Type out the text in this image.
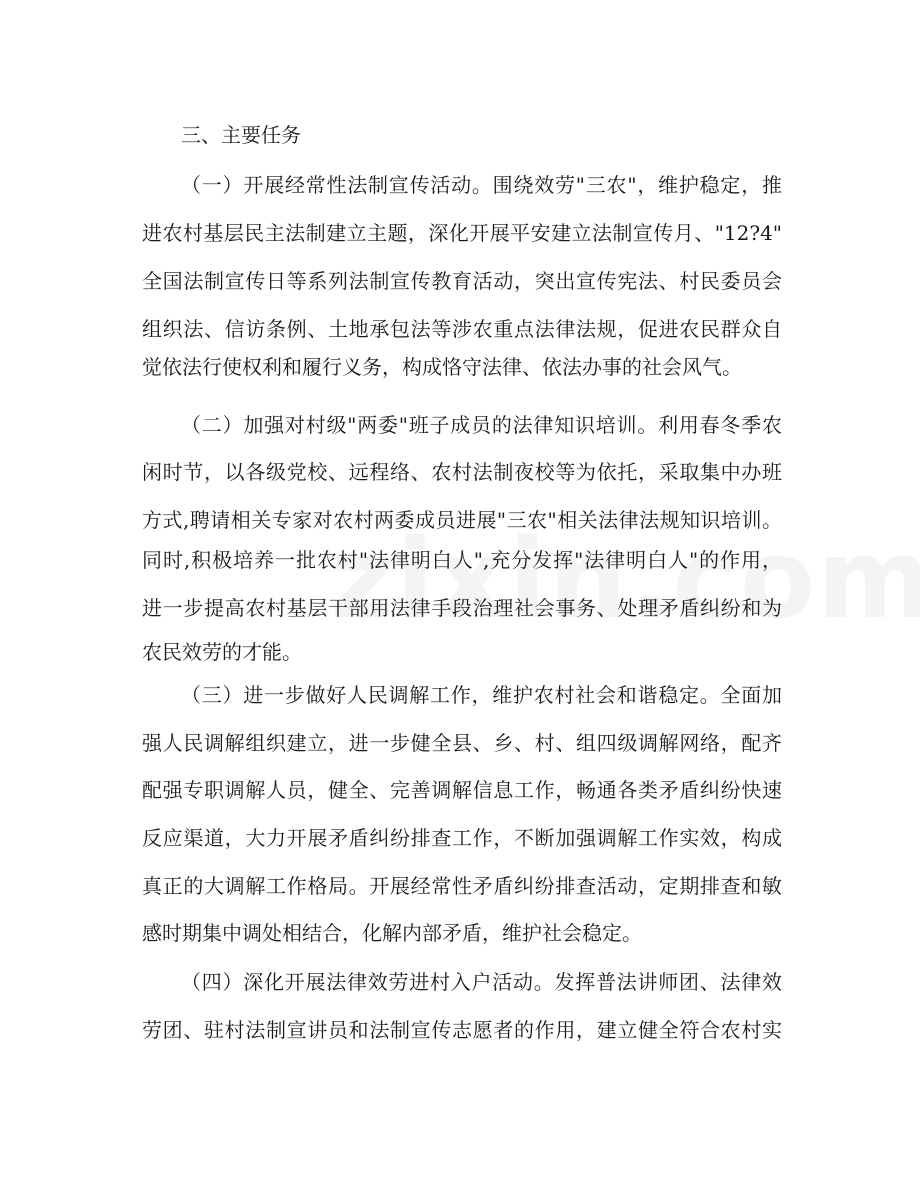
三、主要任务
（一）开展经常性法制宣传活动。围绕效劳"三农"，维护稳定，推
进农村基层民主法制建立主题，深化开展平安建立法制宣传月、"12?4"
全国法制宣传日等系列法制宣传教育活动，突出宣传宪法、村民委员会
组织法、信访条例、土地承包法等涉农重点法律法规，促进农民群众自
觉依法行使权利和履行义务，构成恪守法律、依法办事的社会风气。
（二）加强对村级"两委"班子成员的法律知识培训。利用春冬季农
闲时节，以各级党校、远程络、农村法制夜校等为依托，采取集中办班
方式,聘请相关专家对农村两委成员进展"三农"相关法律法规知识培训。
同时,积极培养一批农村"法律明白人",充分发挥"法律明白人"的作用，
进一步提高农村基层干部用法律手段治理社会事务、处理矛盾纠纷和为
农民效劳的才能。
（三）进一步做好人民调解工作，维护农村社会和谐稳定。全面加
强人民调解组织建立，进一步健全县、乡、村、组四级调解网络，配齐
配强专职调解人员，健全、完善调解信息工作，畅通各类矛盾纠纷快速
反应渠道，大力开展矛盾纠纷排查工作，不断加强调解工作实效，构成
真正的大调解工作格局。开展经常性矛盾纠纷排查活动，定期排查和敏
感时期集中调处相结合，化解内部矛盾，维护社会稳定。
（四）深化开展法律效劳进村入户活动。发挥普法讲师团、法律效
劳团、驻村法制宣讲员和法制宣传志愿者的作用，建立健全符合农村实
